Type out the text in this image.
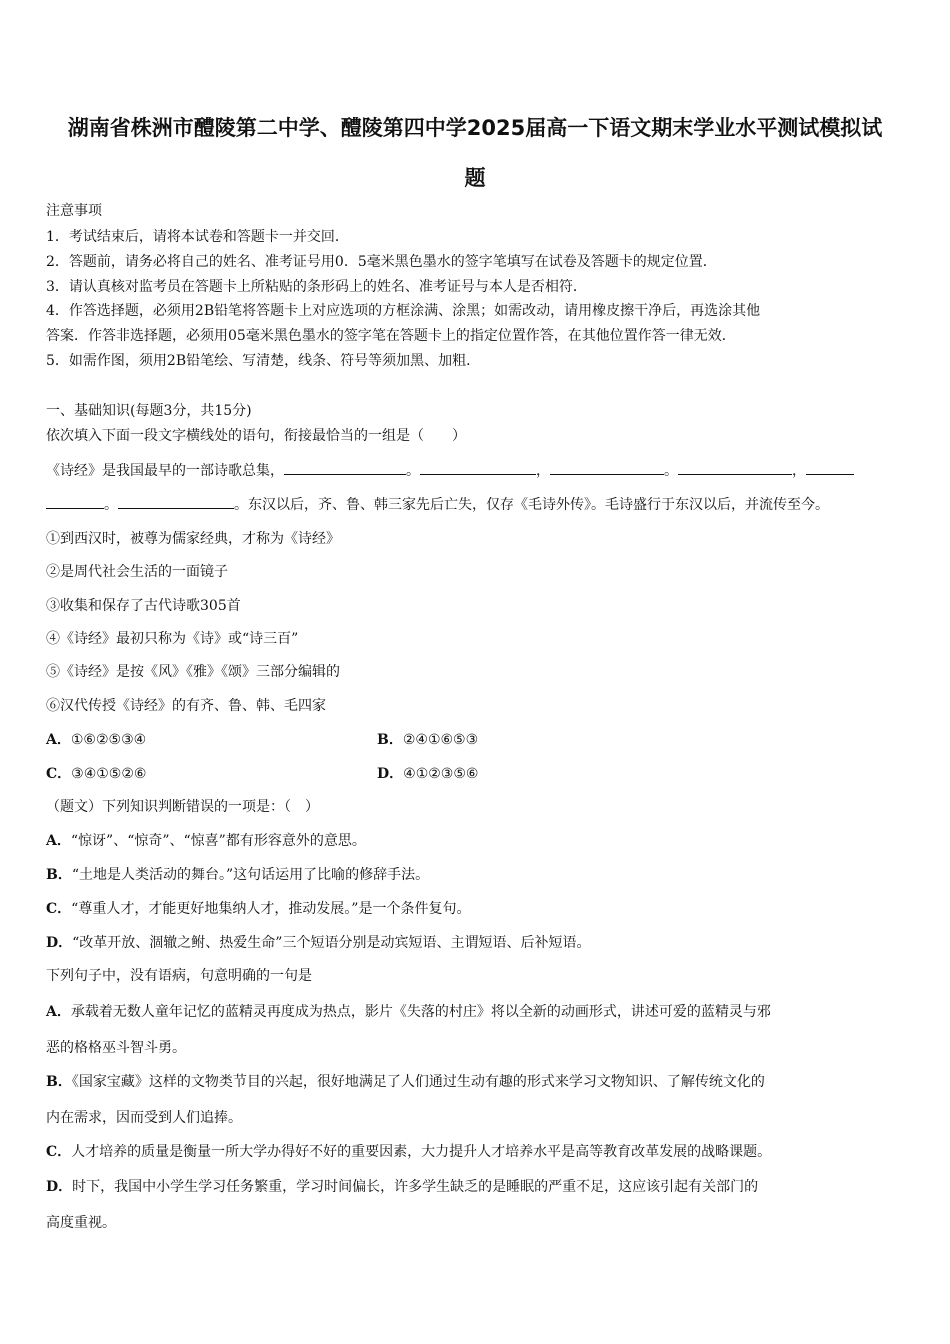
湖南省株洲市醴陵第二中学、醴陵第四中学2025届高一下语文期末学业水平测试模拟试
题
注意事项
1．考试结束后，请将本试卷和答题卡一并交回．
2．答题前，请务必将自己的姓名、准考证号用0．5毫米黑色墨水的签字笔填写在试卷及答题卡的规定位置．
3．请认真核对监考员在答题卡上所粘贴的条形码上的姓名、准考证号与本人是否相符．
4．作答选择题，必须用2B铅笔将答题卡上对应选项的方框涂满、涂黑；如需改动，请用橡皮擦干净后，再选涂其他
答案．作答非选择题，必须用05毫米黑色墨水的签字笔在答题卡上的指定位置作答，在其他位置作答一律无效．
5．如需作图，须用2B铅笔绘、写清楚，线条、符号等须加黑、加粗．
一、基础知识(每题3分，共15分)
依次填入下面一段文字横线处的语句，衔接最恰当的一组是（　　）
《诗经》是我国最早的一部诗歌总集，	。	，	。	，
。	。东汉以后，齐、鲁、韩三家先后亡失，仅存《毛诗外传》。毛诗盛行于东汉以后，并流传至今。
①到西汉时，被尊为儒家经典，才称为《诗经》
②是周代社会生活的一面镜子
③收集和保存了古代诗歌305首
④《诗经》最初只称为《诗》或“诗三百”
⑤《诗经》是按《风》《雅》《颂》三部分编辑的
⑥汉代传授《诗经》的有齐、鲁、韩、毛四家
A．①⑥②⑤③④	B．②④①⑥⑤③
C．③④①⑤②⑥	D．④①②③⑤⑥
（题文）下列知识判断错误的一项是：（　）
A．“惊讶”、“惊奇”、“惊喜”都有形容意外的意思。
B．“土地是人类活动的舞台。”这句话运用了比喻的修辞手法。
C．“尊重人才，才能更好地集纳人才，推动发展。”是一个条件复句。
D．“改革开放、涸辙之鲋、热爱生命”三个短语分别是动宾短语、主谓短语、后补短语。
下列句子中，没有语病，句意明确的一句是
A．承载着无数人童年记忆的蓝精灵再度成为热点，影片《失落的村庄》将以全新的动画形式，讲述可爱的蓝精灵与邪
恶的格格巫斗智斗勇。
B．《国家宝藏》这样的文物类节目的兴起，很好地满足了人们通过生动有趣的形式来学习文物知识、了解传统文化的
内在需求，因而受到人们追捧。
C．人才培养的质量是衡量一所大学办得好不好的重要因素，大力提升人才培养水平是高等教育改革发展的战略课题。
D．时下，我国中小学生学习任务繁重，学习时间偏长，许多学生缺乏的是睡眠的严重不足，这应该引起有关部门的
高度重视。
